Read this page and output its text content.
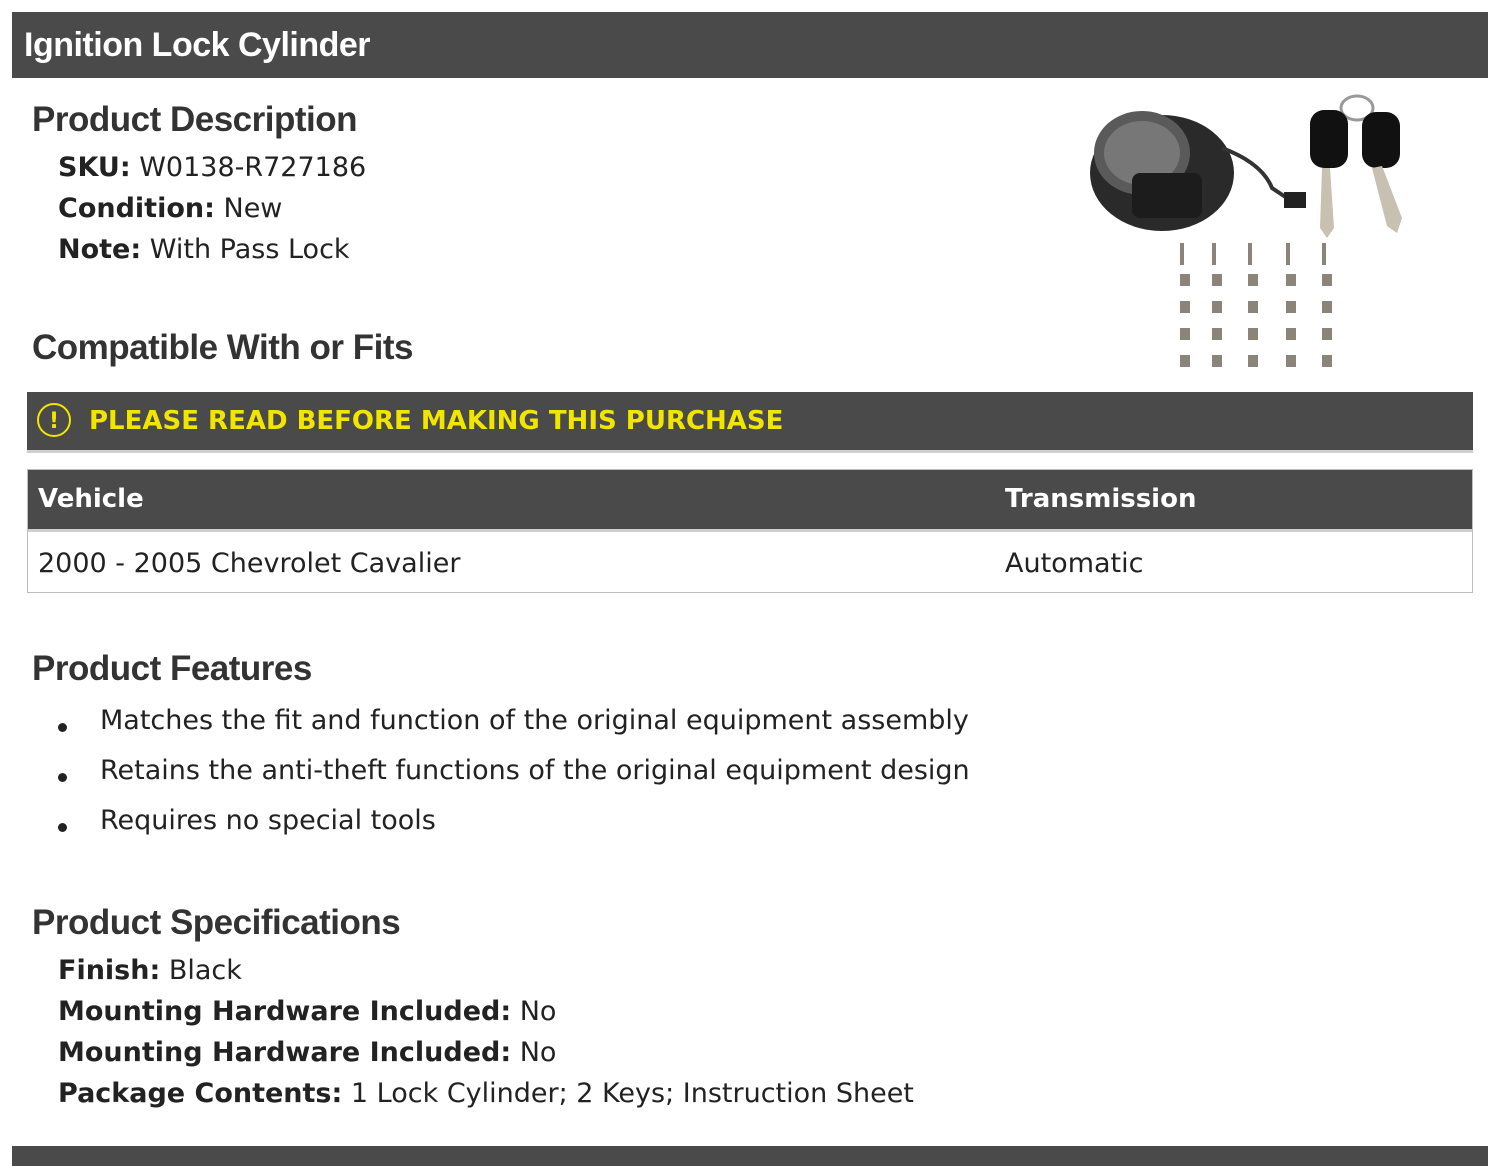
Ignition Lock Cylinder
Product Description
SKU: W0138-R727186
Condition: New
Note: With Pass Lock
Compatible With or Fits
!	PLEASE READ BEFORE MAKING THIS PURCHASE
Vehicle	Transmission
2000 - 2005 Chevrolet Cavalier	Automatic
Product Features
Matches the fit and function of the original equipment assembly
Retains the anti-theft functions of the original equipment design
Requires no special tools
Product Specifications
Finish: Black
Mounting Hardware Included: No
Mounting Hardware Included: No
Package Contents: 1 Lock Cylinder; 2 Keys; Instruction Sheet
